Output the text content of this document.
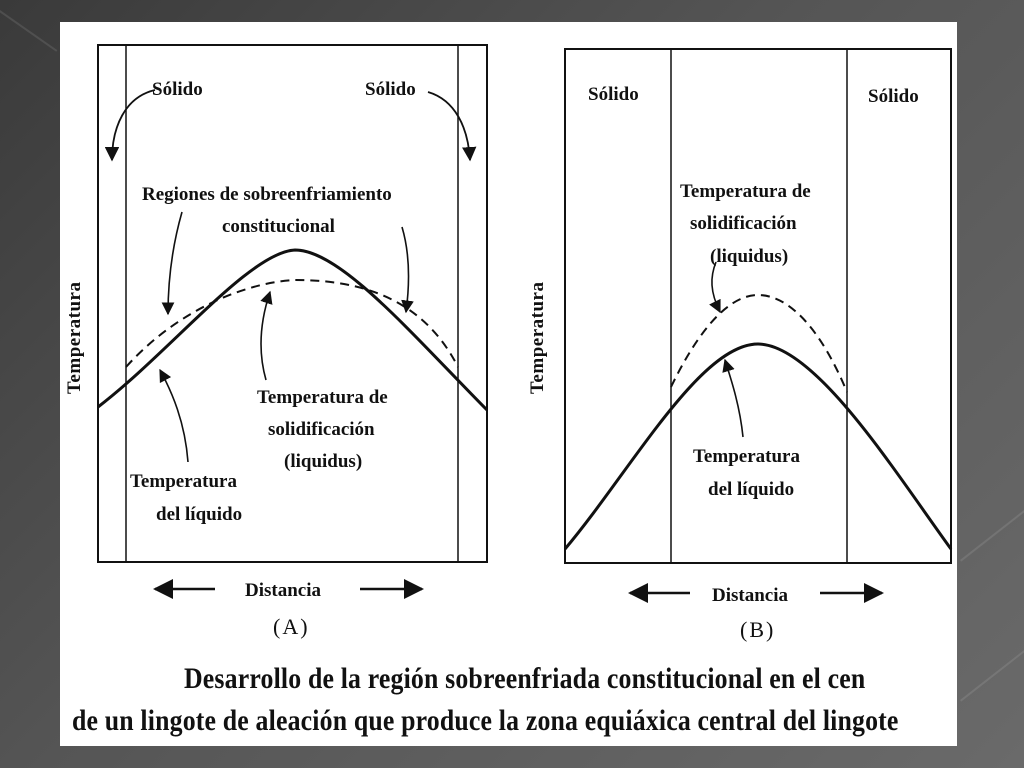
Sólido	Sólido
Regiones de sobreenfriamiento
constitucional
Temperatura de
solidificación
(liquidus)
Temperatura
del líquido
Temperatura
Distancia
(A)
Sólido	Sólido
Temperatura de
solidificación
(liquidus)
Temperatura
del líquido
Temperatura
Distancia
(B)
Desarrollo de la región sobreenfriada constitucional en el cen
de un lingote de aleación que produce la zona equiáxica central del lingote
